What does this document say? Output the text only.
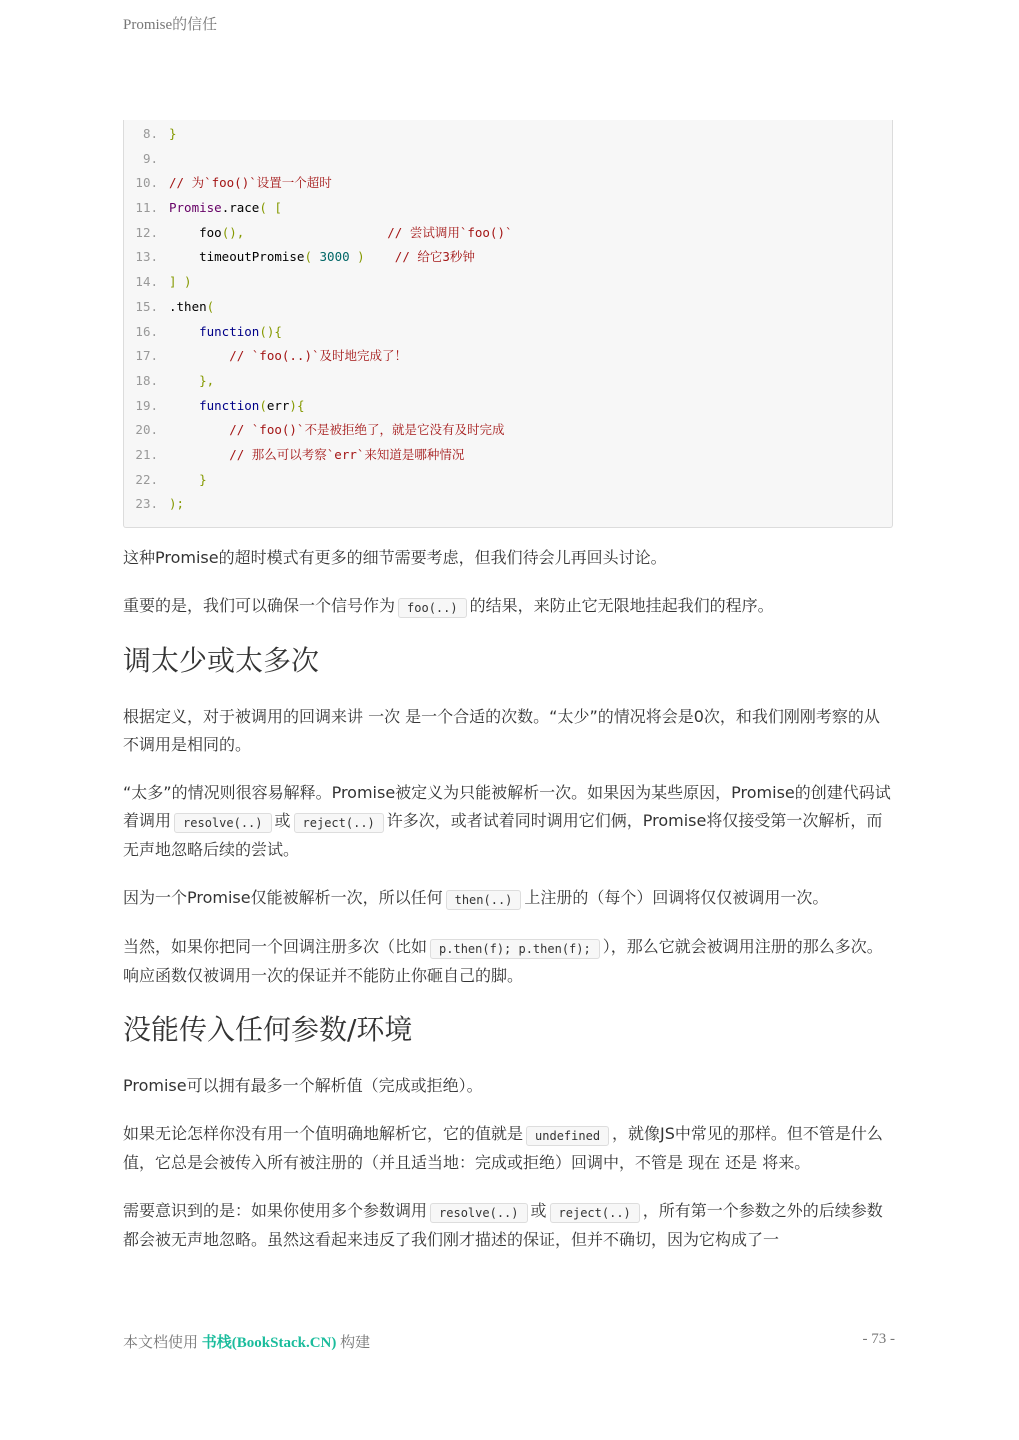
Promise的信任
8. }
9.
10. // 为`foo()`设置一个超时
11. Promise.race( [
12.    foo(),                   // 尝试调用`foo()`
13.    timeoutPromise( 3000 )    // 给它3秒钟
14. ] )
15. .then(
16.    function(){
17.        // `foo(..)`及时地完成了！
18.    },
19.    function(err){
20.        // `foo()`不是被拒绝了，就是它没有及时完成
21.        // 那么可以考察`err`来知道是哪种情况
22.    }
23. );

这种Promise的超时模式有更多的细节需要考虑，但我们待会儿再回头讨论。

重要的是，我们可以确保一个信号作为 foo(..) 的结果，来防止它无限地挂起我们的程序。

调太少或太多次

根据定义，对于被调用的回调来讲 一次 是一个合适的次数。“太少”的情况将会是0次，和我们刚刚考察的从不调用是相同的。

“太多”的情况则很容易解释。Promise被定义为只能被解析一次。如果因为某些原因，Promise的创建代码试着调用 resolve(..) 或 reject(..) 许多次，或者试着同时调用它们俩，Promise将仅接受第一次解析，而无声地忽略后续的尝试。

因为一个Promise仅能被解析一次，所以任何 then(..) 上注册的（每个）回调将仅仅被调用一次。

当然，如果你把同一个回调注册多次（比如 p.then(f); p.then(f); ），那么它就会被调用注册的那么多次。响应函数仅被调用一次的保证并不能防止你砸自己的脚。

没能传入任何参数/环境

Promise可以拥有最多一个解析值（完成或拒绝）。

如果无论怎样你没有用一个值明确地解析它，它的值就是 undefined ，就像JS中常见的那样。但不管是什么值，它总是会被传入所有被注册的（并且适当地：完成或拒绝）回调中，不管是 现在 还是 将来。

需要意识到的是：如果你使用多个参数调用 resolve(..) 或 reject(..) ，所有第一个参数之外的后续参数都会被无声地忽略。虽然这看起来违反了我们刚才描述的保证，但并不确切，因为它构成了一

本文档使用 书栈(BookStack.CN) 构建	- 73 -
